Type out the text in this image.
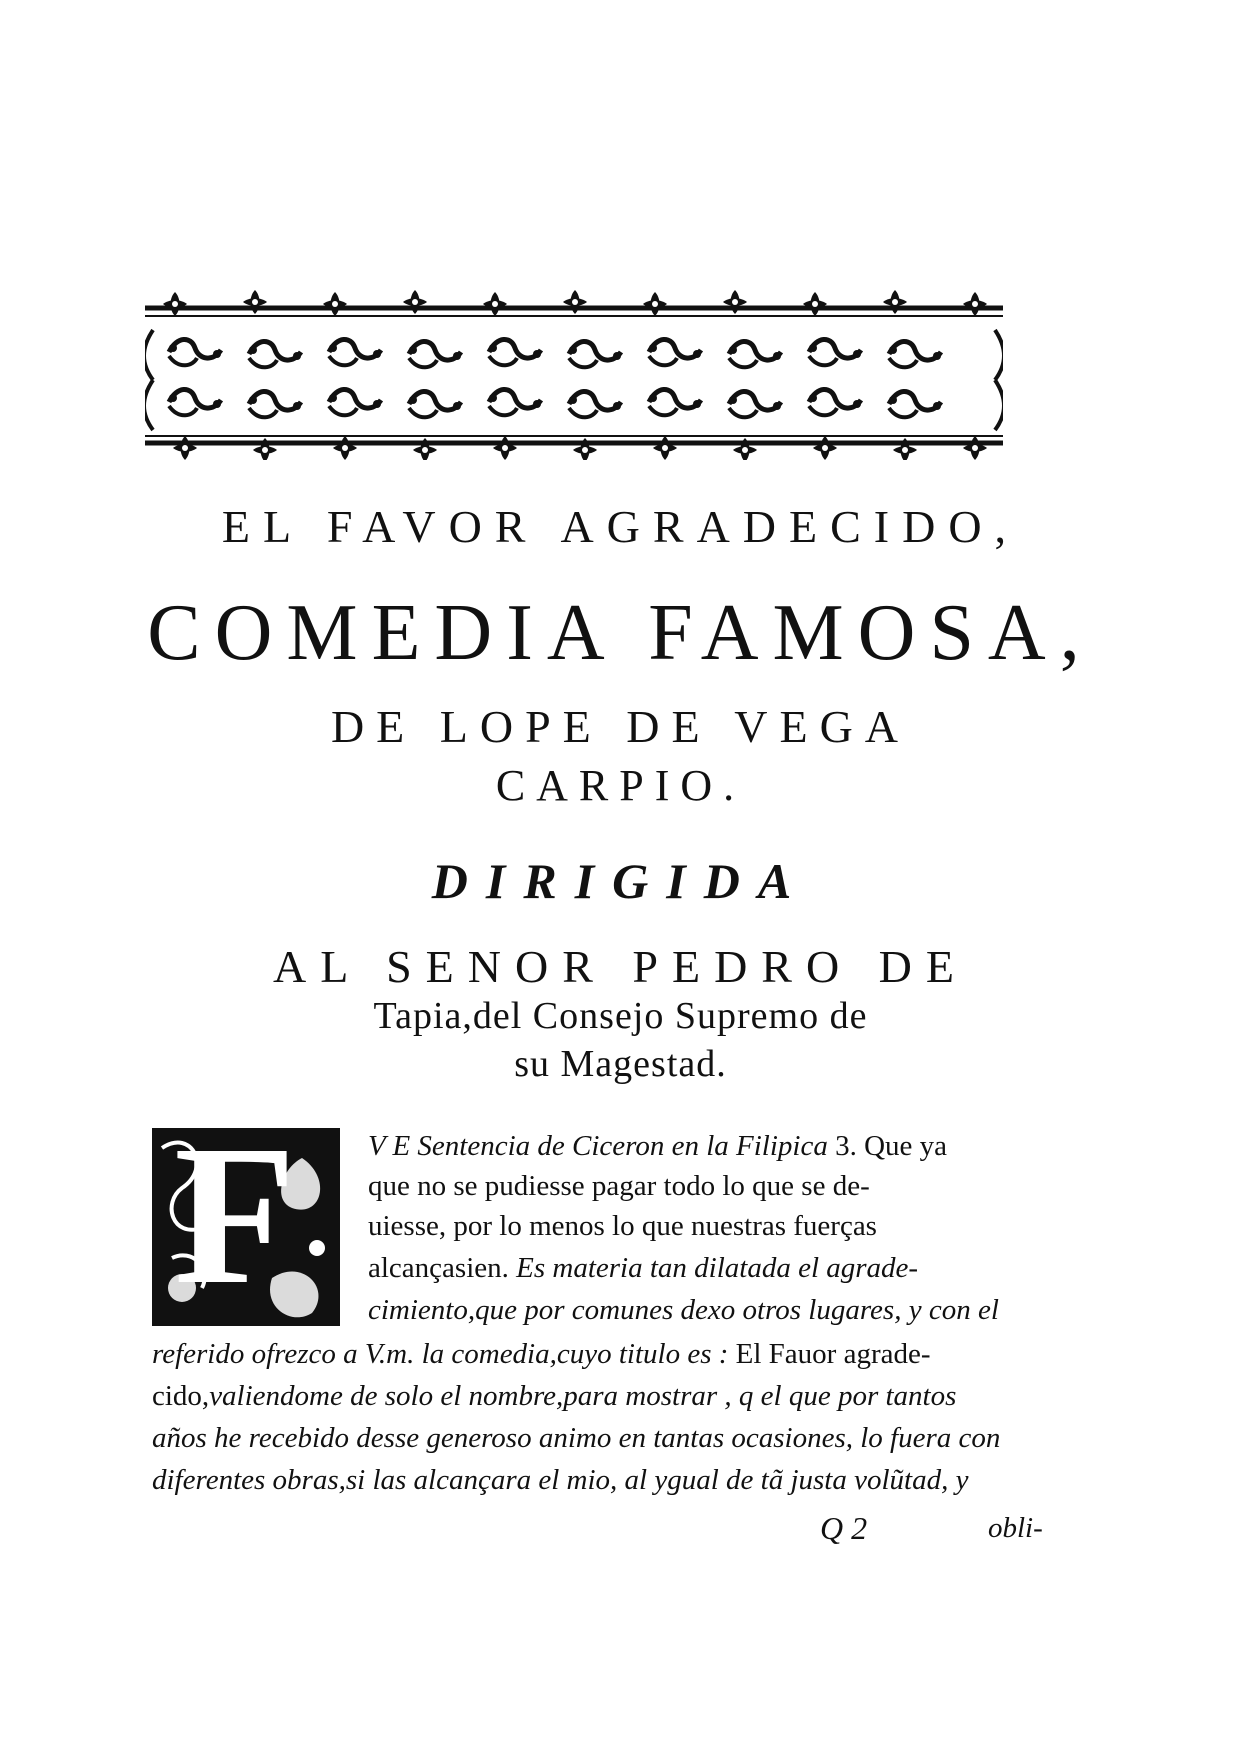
EL FAVOR AGRADECIDO,
COMEDIA FAMOSA,
DE LOPE DE VEGA
CARPIO.
DIRIGIDA
AL SENOR PEDRO DE
Tapia,del Consejo Supremo de
su Magestad.
F V E Sentencia de Ciceron en la Filipica 3. Que ya
que no se pudiesse pagar todo lo que se de-
uiesse, por lo menos lo que nuestras fuerças
alcançasien. Es materia tan dilatada el agrade-
cimiento,que por comunes dexo otros lugares, y con el
referido ofrezco a V.m. la comedia,cuyo titulo es : El Fauor agrade-
cido,valiendome de solo el nombre,para mostrar , q el que por tantos
años he recebido desse generoso animo en tantas ocasiones, lo fuera con
diferentes obras,si las alcançara el mio, al ygual de tã justa volũtad, y
Q 2	obli-
